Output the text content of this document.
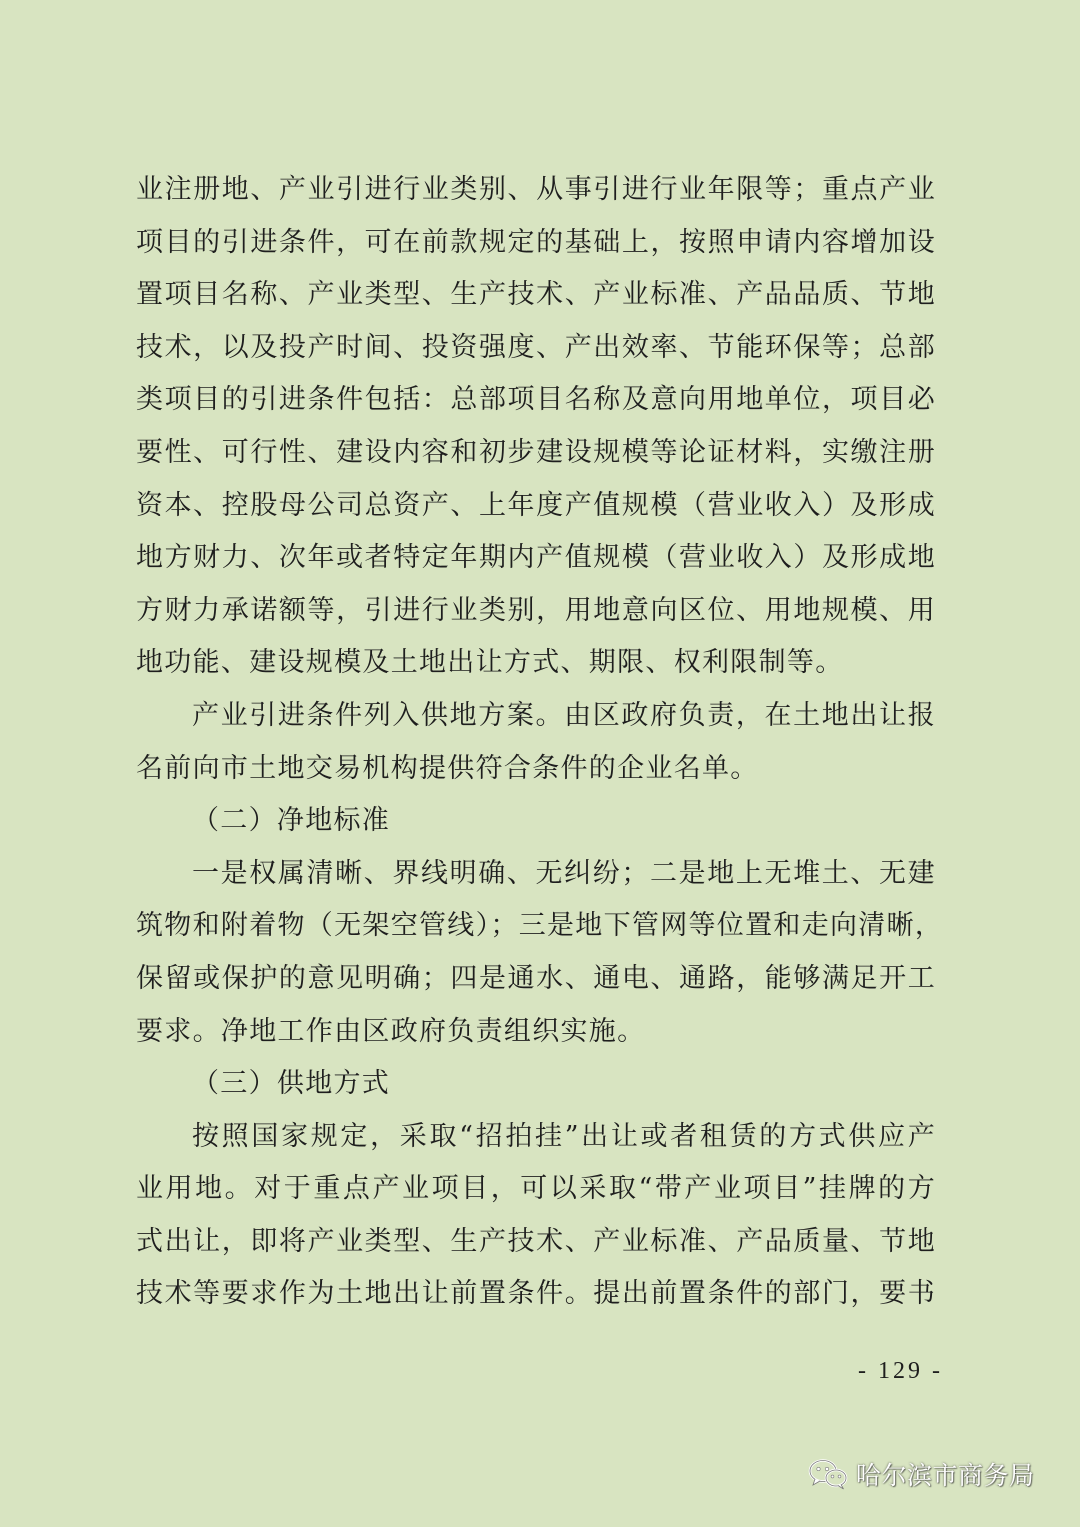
业注册地、产业引进行业类别、从事引进行业年限等；重点产业
项目的引进条件，可在前款规定的基础上，按照申请内容增加设
置项目名称、产业类型、生产技术、产业标准、产品品质、节地
技术，以及投产时间、投资强度、产出效率、节能环保等；总部
类项目的引进条件包括：总部项目名称及意向用地单位，项目必
要性、可行性、建设内容和初步建设规模等论证材料，实缴注册
资本、控股母公司总资产、上年度产值规模（营业收入）及形成
地方财力、次年或者特定年期内产值规模（营业收入）及形成地
方财力承诺额等，引进行业类别，用地意向区位、用地规模、用
地功能、建设规模及土地出让方式、期限、权利限制等。
产业引进条件列入供地方案。由区政府负责，在土地出让报
名前向市土地交易机构提供符合条件的企业名单。
（二）净地标准
一是权属清晰、界线明确、无纠纷；二是地上无堆土、无建
筑物和附着物（无架空管线）；三是地下管网等位置和走向清晰，
保留或保护的意见明确；四是通水、通电、通路，能够满足开工
要求。净地工作由区政府负责组织实施。
（三）供地方式
按照国家规定，采取“招拍挂”出让或者租赁的方式供应产
业用地。对于重点产业项目，可以采取“带产业项目”挂牌的方
式出让，即将产业类型、生产技术、产业标准、产品质量、节地
技术等要求作为土地出让前置条件。提出前置条件的部门，要书
- 129 -
哈尔滨市商务局
